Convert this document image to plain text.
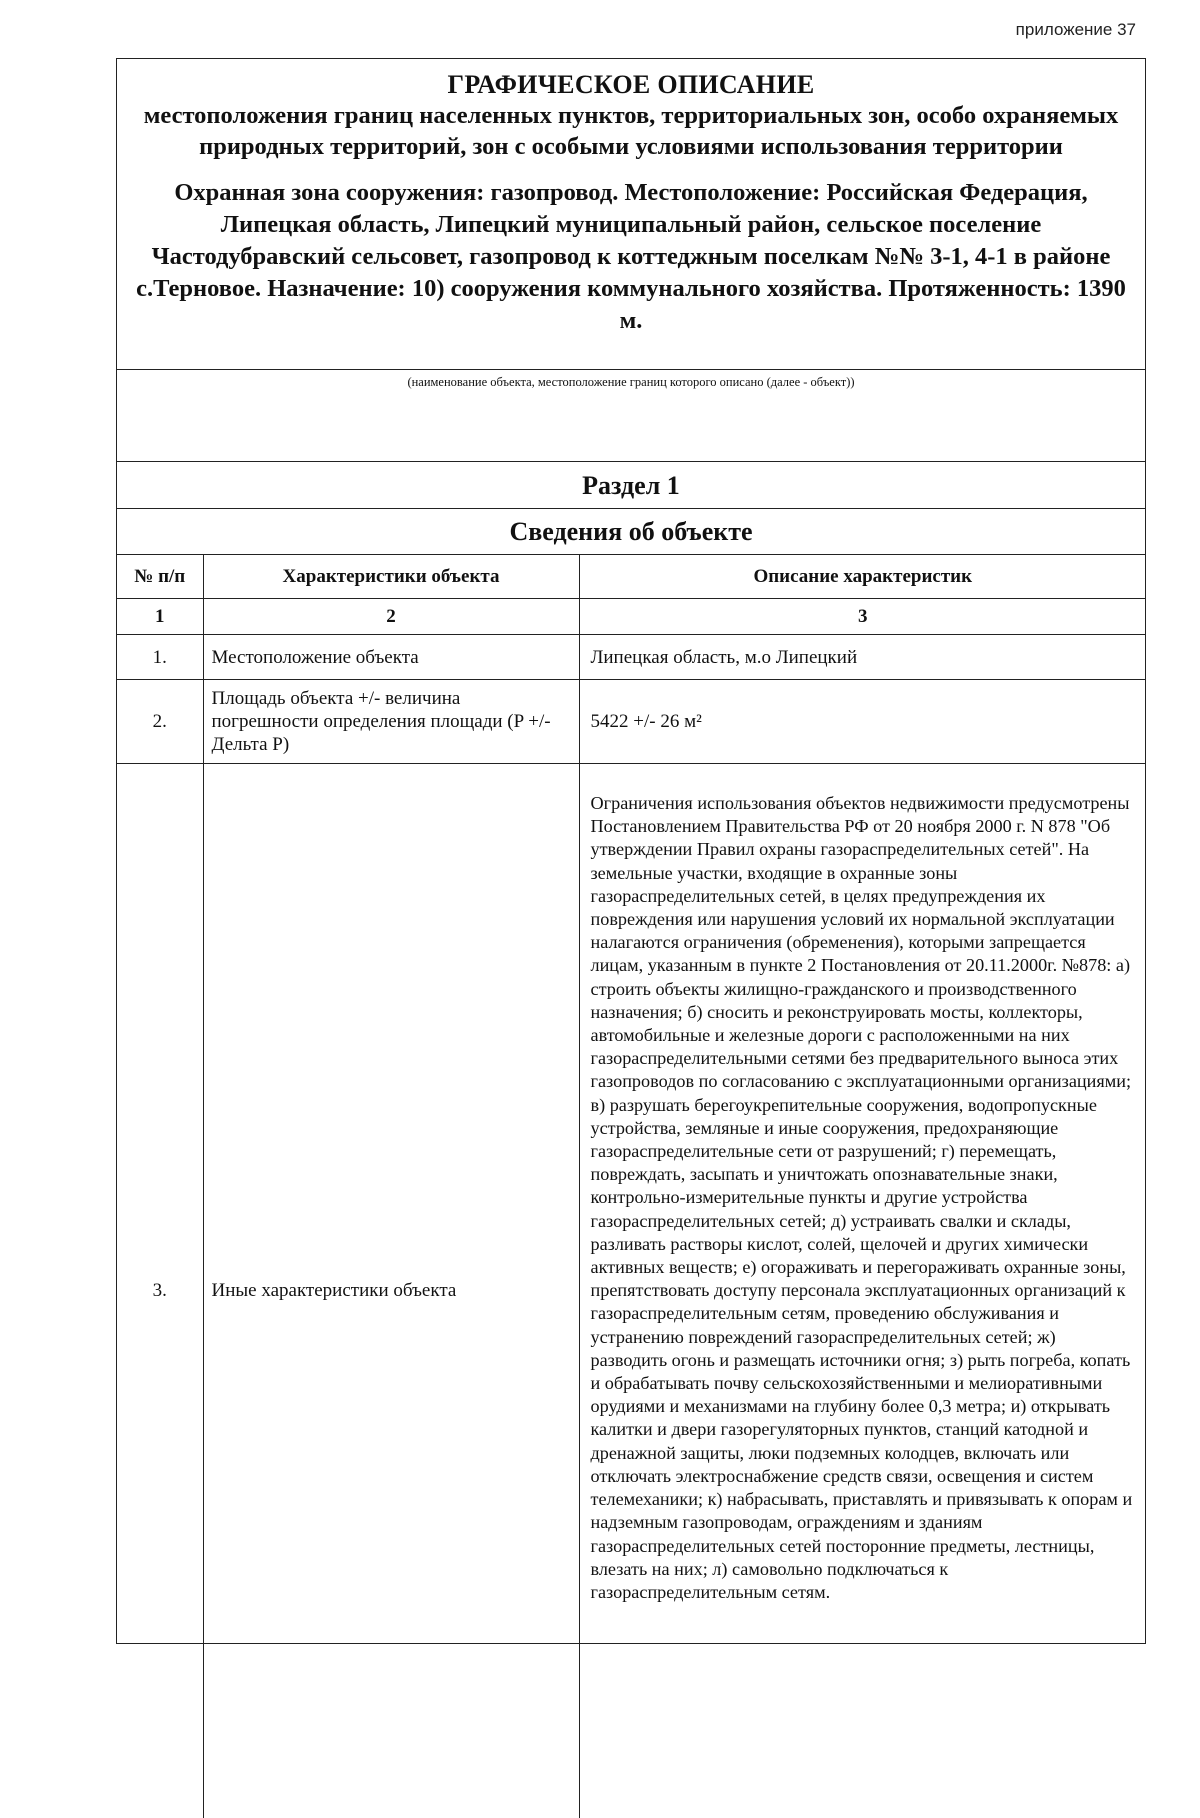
приложение 37
ГРАФИЧЕСКОЕ ОПИСАНИЕ
местоположения границ населенных пунктов, территориальных зон, особо охраняемых природных территорий, зон с особыми условиями использования территории
Охранная зона сооружения: газопровод. Местоположение: Российская Федерация, Липецкая область, Липецкий муниципальный район, сельское поселение Частодубравский сельсовет, газопровод к коттеджным поселкам №№ 3-1, 4-1 в районе с.Терновое. Назначение: 10) сооружения коммунального хозяйства. Протяженность: 1390 м.
(наименование объекта, местоположение границ которого описано (далее - объект))
Раздел 1
Сведения об объекте
№ п/п	Характеристики объекта	Описание характеристик
1	2	3
1.	Местоположение объекта	Липецкая область, м.о Липецкий
2.	Площадь объекта +/- величина погрешности определения площади (P +/- Дельта P)	5422 +/- 26 м²
3.	Иные характеристики объекта	Ограничения использования объектов недвижимости предусмотрены Постановлением Правительства РФ от 20 ноября 2000 г. N 878 "Об утверждении Правил охраны газораспределительных сетей". На земельные участки, входящие в охранные зоны газораспределительных сетей, в целях предупреждения их повреждения или нарушения условий их нормальной эксплуатации налагаются ограничения (обременения), которыми запрещается лицам, указанным в пункте 2 Постановления от 20.11.2000г. №878: а) строить объекты жилищно-гражданского и производственного назначения; б) сносить и реконструировать мосты, коллекторы, автомобильные и железные дороги с расположенными на них газораспределительными сетями без предварительного выноса этих газопроводов по согласованию с эксплуатационными организациями; в) разрушать берегоукрепительные сооружения, водопропускные устройства, земляные и иные сооружения, предохраняющие газораспределительные сети от разрушений; г) перемещать, повреждать, засыпать и уничтожать опознавательные знаки, контрольно-измерительные пункты и другие устройства газораспределительных сетей; д) устраивать свалки и склады, разливать растворы кислот, солей, щелочей и других химически активных веществ; е) огораживать и перегораживать охранные зоны, препятствовать доступу персонала эксплуатационных организаций к газораспределительным сетям, проведению обслуживания и устранению повреждений газораспределительных сетей; ж) разводить огонь и размещать источники огня; з) рыть погреба, копать и обрабатывать почву сельскохозяйственными и мелиоративными орудиями и механизмами на глубину более 0,3 метра; и) открывать калитки и двери газорегуляторных пунктов, станций катодной и дренажной защиты, люки подземных колодцев, включать или отключать электроснабжение средств связи, освещения и систем телемеханики; к) набрасывать, приставлять и привязывать к опорам и надземным газопроводам, ограждениям и зданиям газораспределительных сетей посторонние предметы, лестницы, влезать на них; л) самовольно подключаться к газораспределительным сетям.
